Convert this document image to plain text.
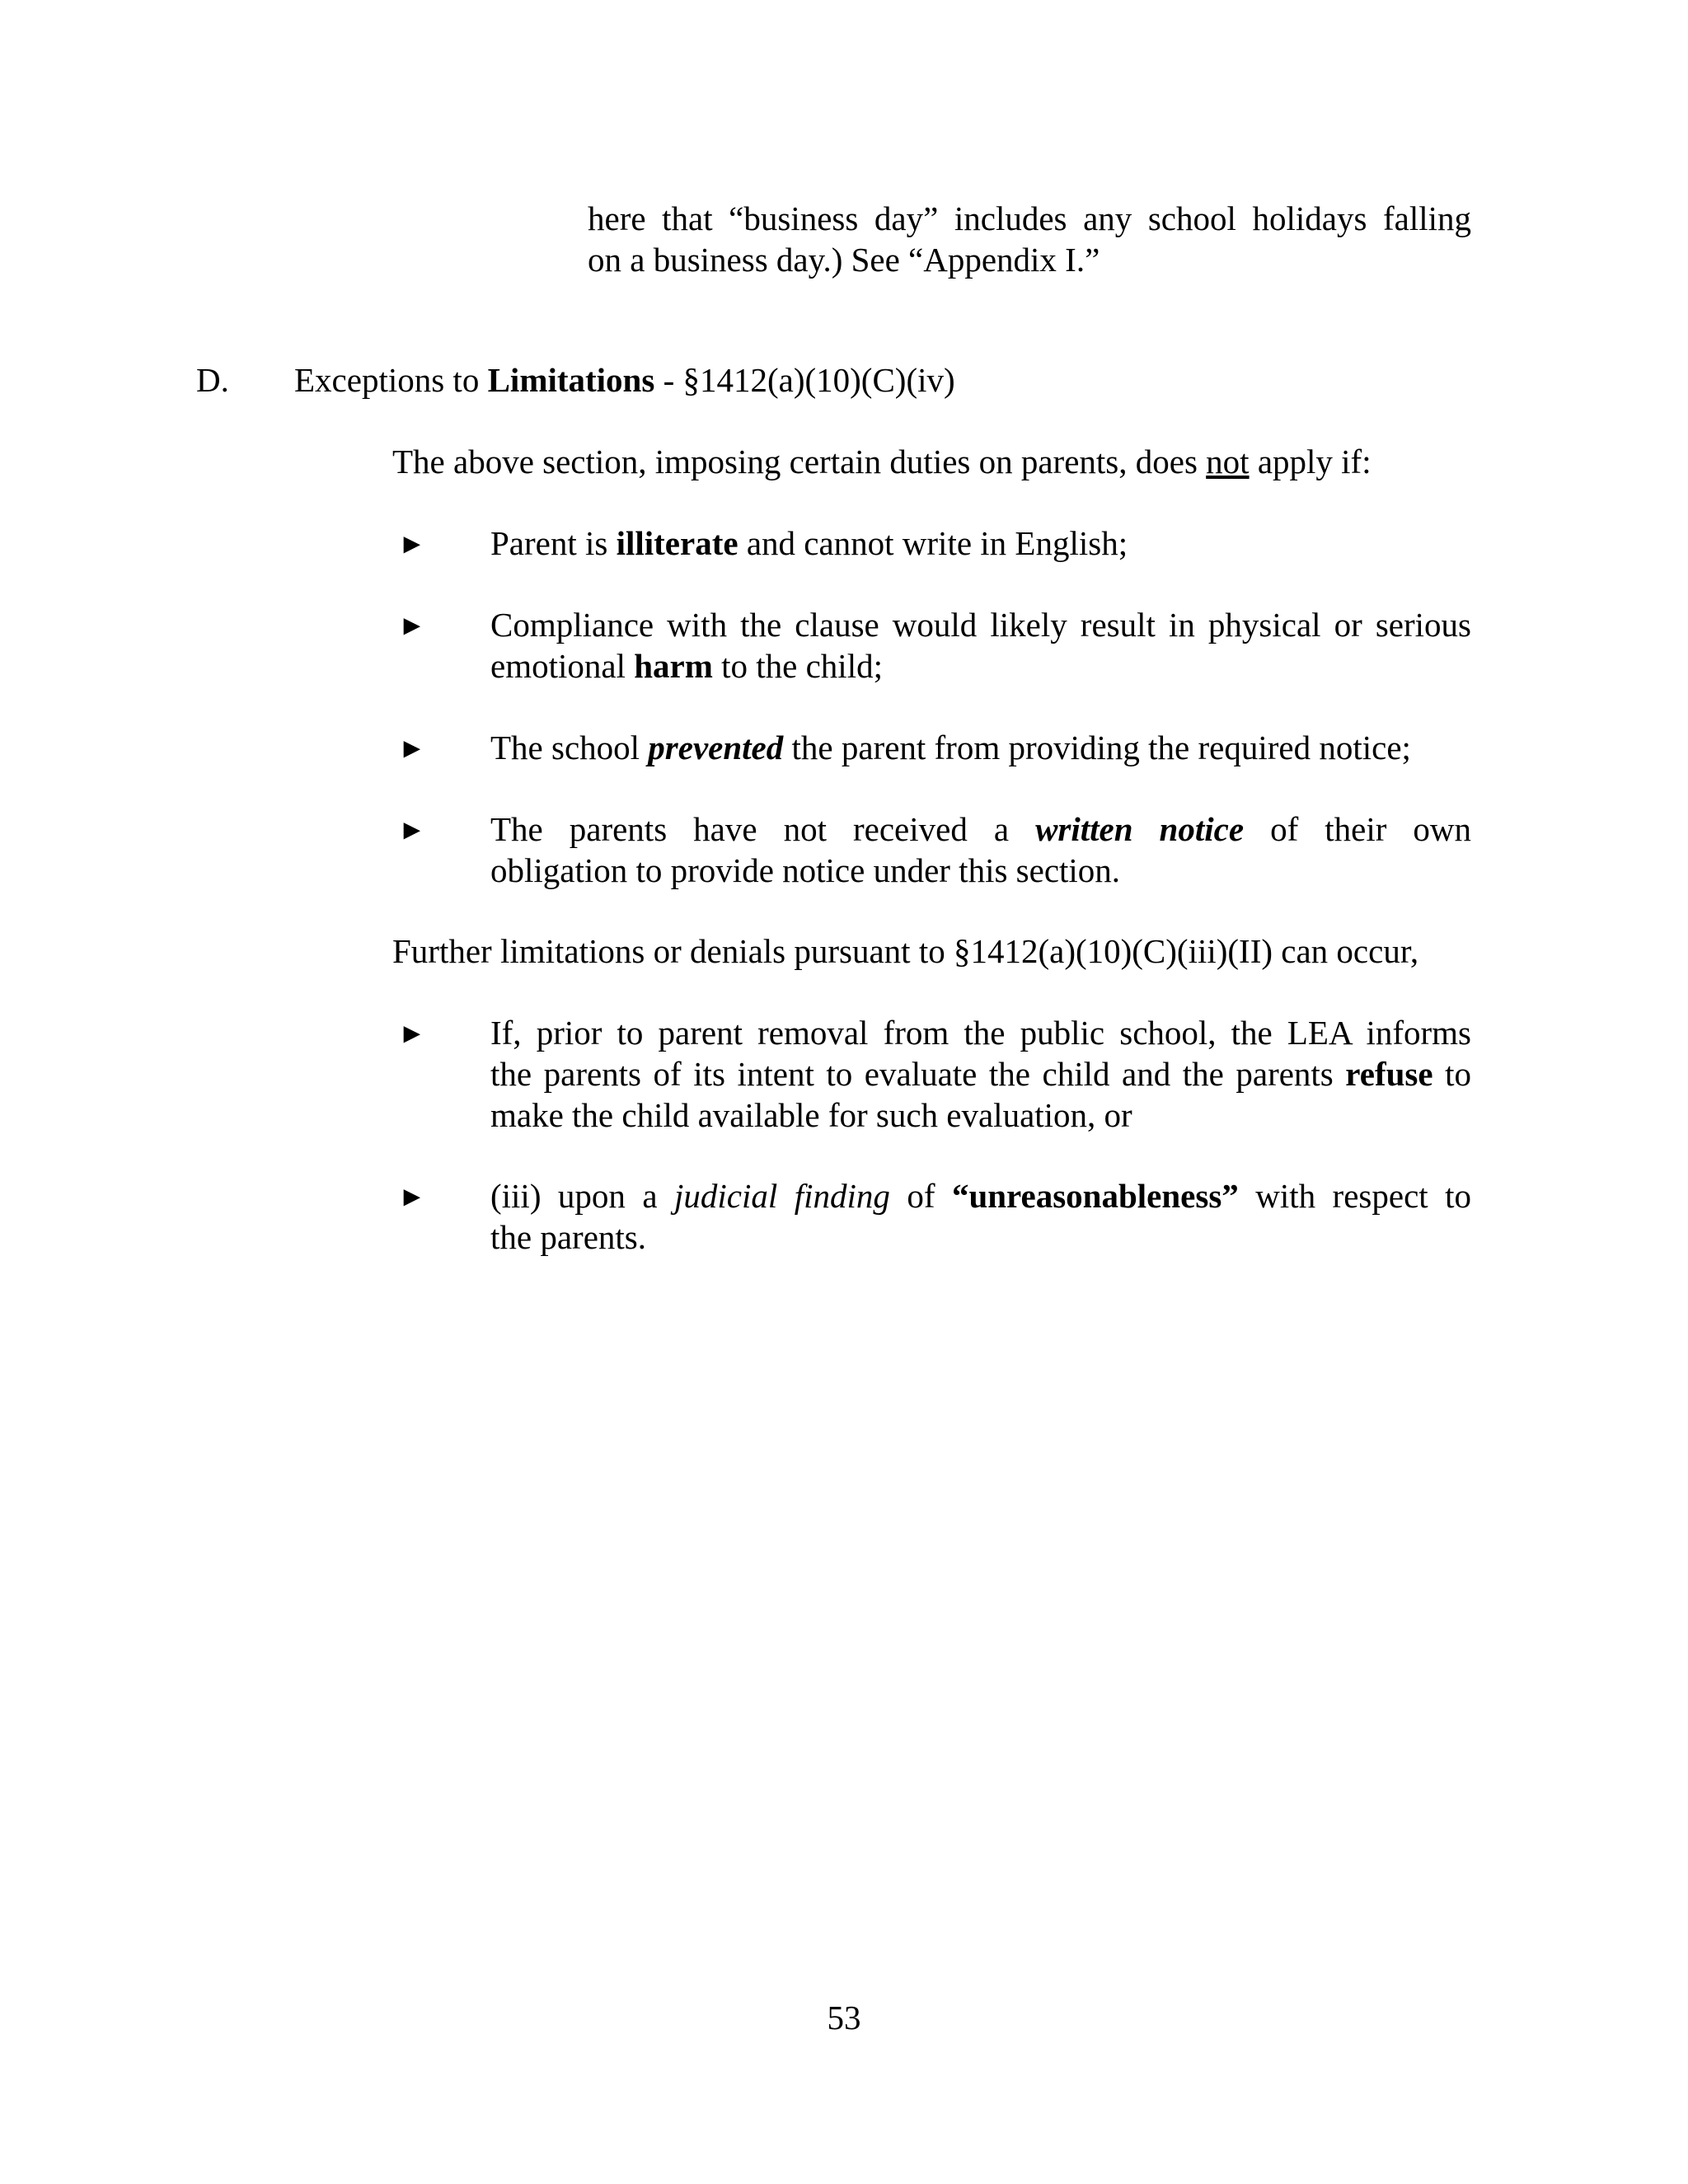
here that “business day” includes any school holidays falling
on a business day.) See “Appendix I.”
D. Exceptions to Limitations - §1412(a)(10)(C)(iv)
The above section, imposing certain duties on parents, does not apply if:
► Parent is illiterate and cannot write in English;
► Compliance with the clause would likely result in physical or serious
emotional harm to the child;
► The school prevented the parent from providing the required notice;
► The parents have not received a written notice of their own
obligation to provide notice under this section.
Further limitations or denials pursuant to §1412(a)(10)(C)(iii)(II) can occur,
► If, prior to parent removal from the public school, the LEA informs
the parents of its intent to evaluate the child and the parents refuse to
make the child available for such evaluation, or
► (iii) upon a judicial finding of “unreasonableness” with respect to
the parents.
53
